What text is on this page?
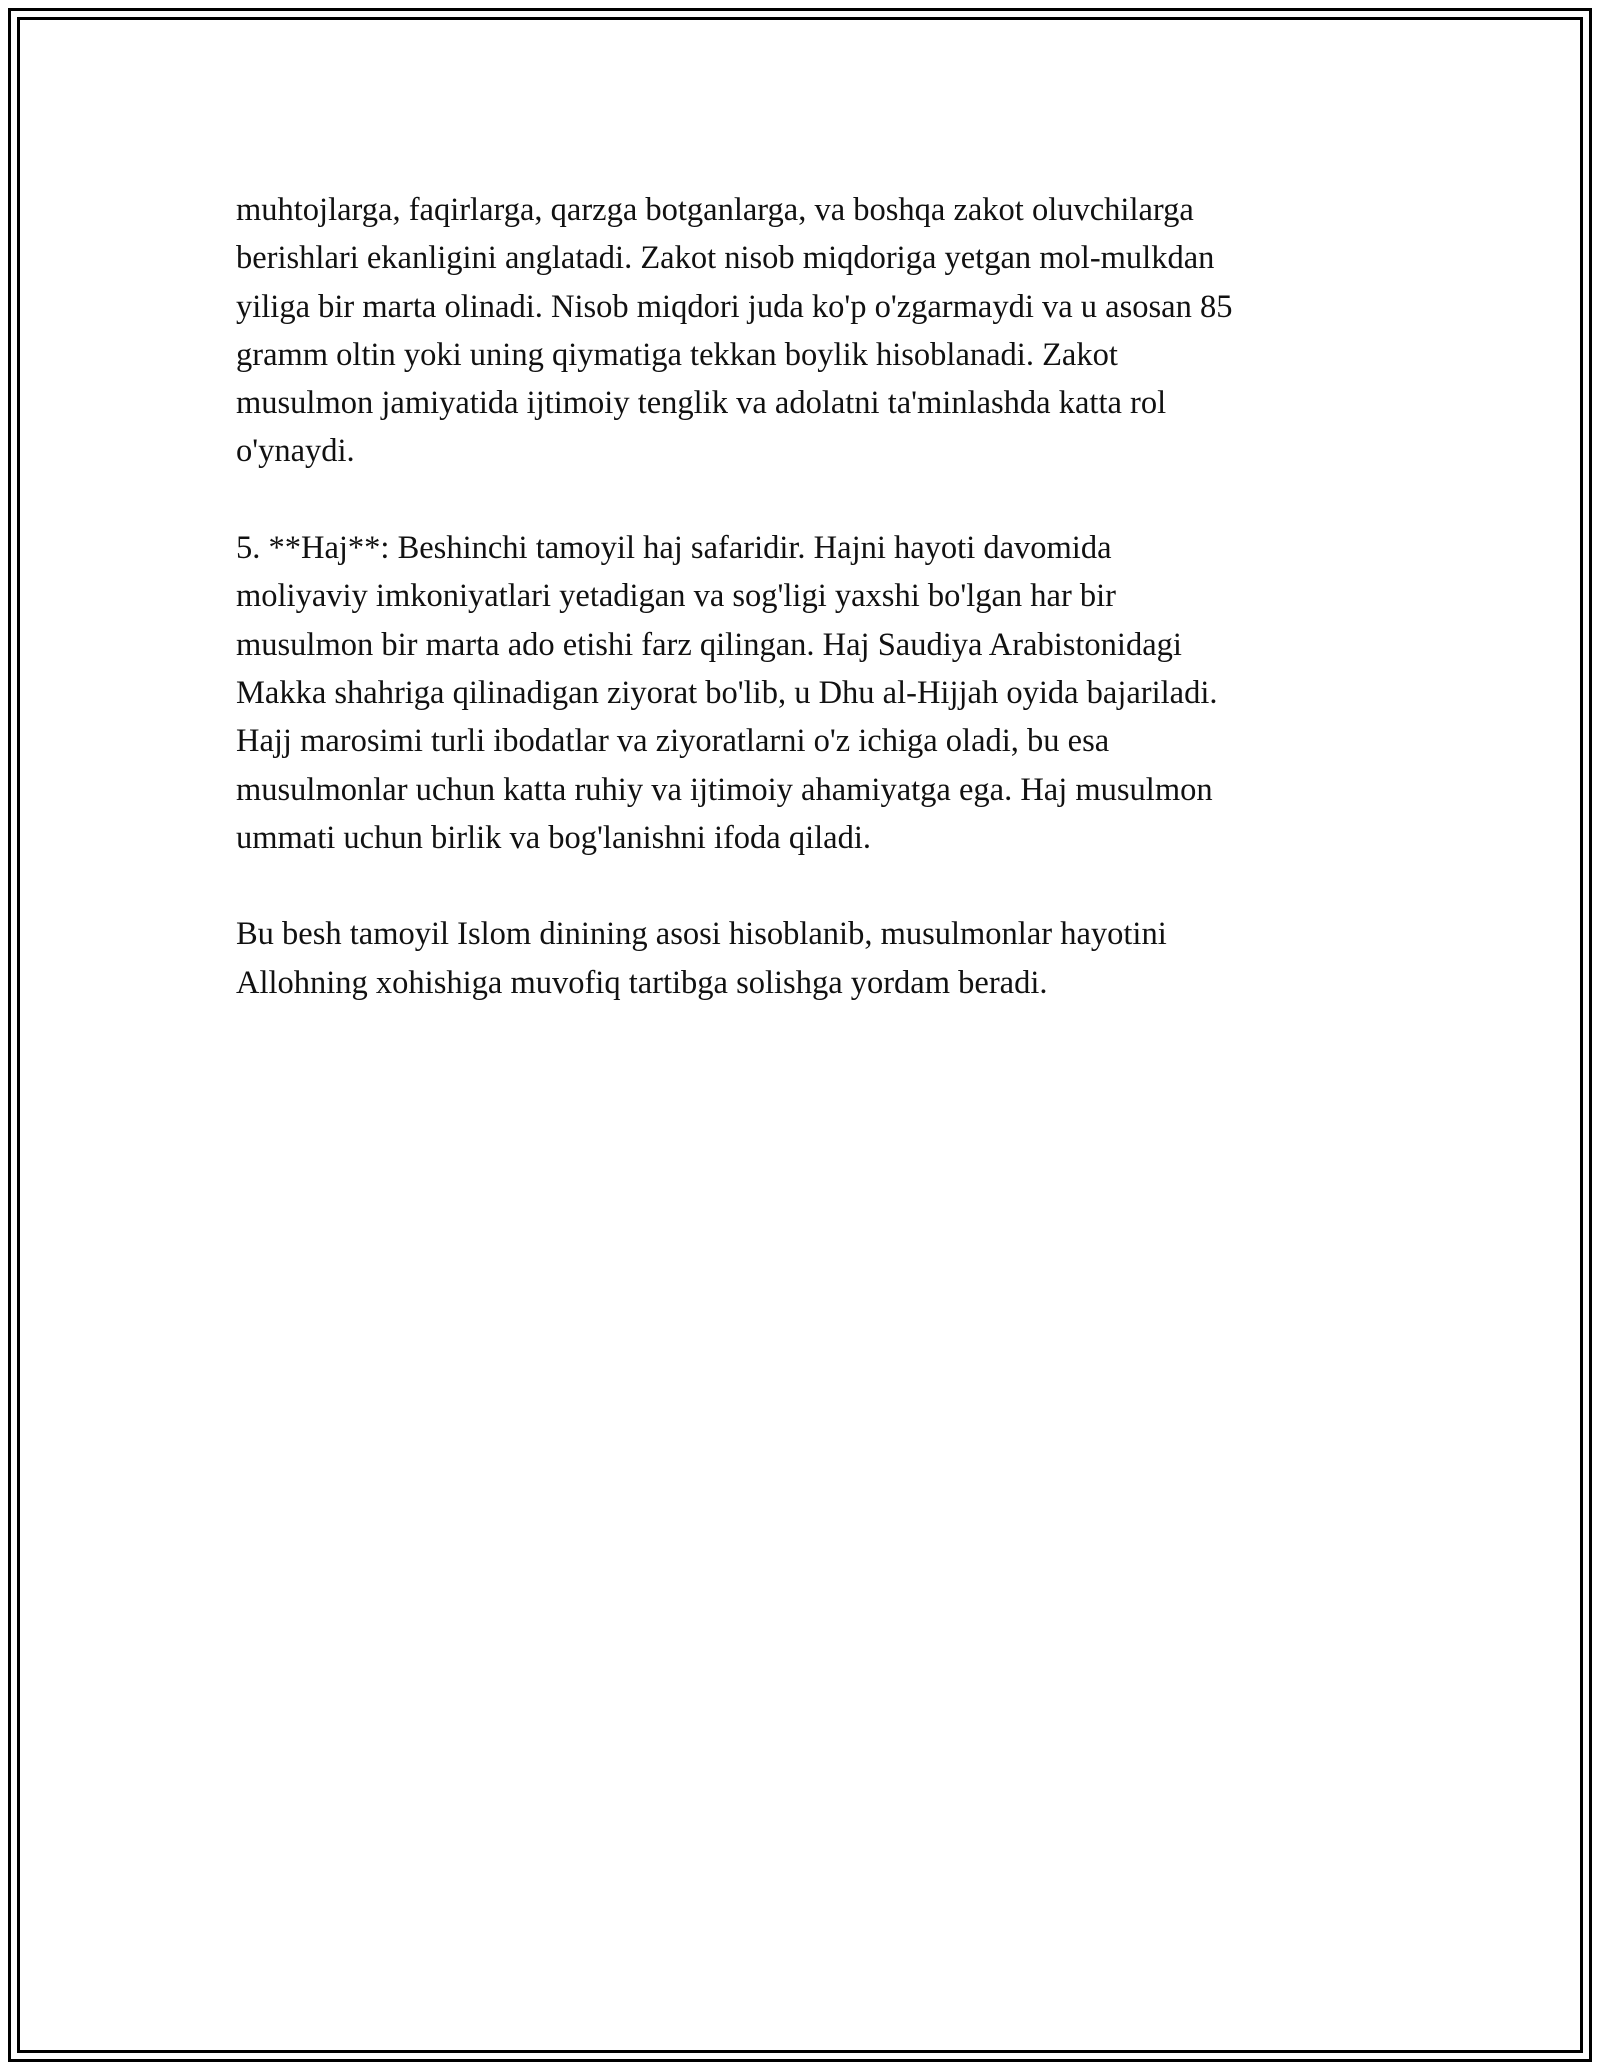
muhtojlarga, faqirlarga, qarzga botganlarga, va boshqa zakot oluvchilarga
berishlari ekanligini anglatadi. Zakot nisob miqdoriga yetgan mol-mulkdan
yiliga bir marta olinadi. Nisob miqdori juda ko'p o'zgarmaydi va u asosan 85
gramm oltin yoki uning qiymatiga tekkan boylik hisoblanadi. Zakot
musulmon jamiyatida ijtimoiy tenglik va adolatni ta'minlashda katta rol
o'ynaydi.

5. **Haj**: Beshinchi tamoyil haj safaridir. Hajni hayoti davomida
moliyaviy imkoniyatlari yetadigan va sog'ligi yaxshi bo'lgan har bir
musulmon bir marta ado etishi farz qilingan. Haj Saudiya Arabistonidagi
Makka shahriga qilinadigan ziyorat bo'lib, u Dhu al-Hijjah oyida bajariladi.
Hajj marosimi turli ibodatlar va ziyoratlarni o'z ichiga oladi, bu esa
musulmonlar uchun katta ruhiy va ijtimoiy ahamiyatga ega. Haj musulmon
ummati uchun birlik va bog'lanishni ifoda qiladi.

Bu besh tamoyil Islom dinining asosi hisoblanib, musulmonlar hayotini
Allohning xohishiga muvofiq tartibga solishga yordam beradi.
